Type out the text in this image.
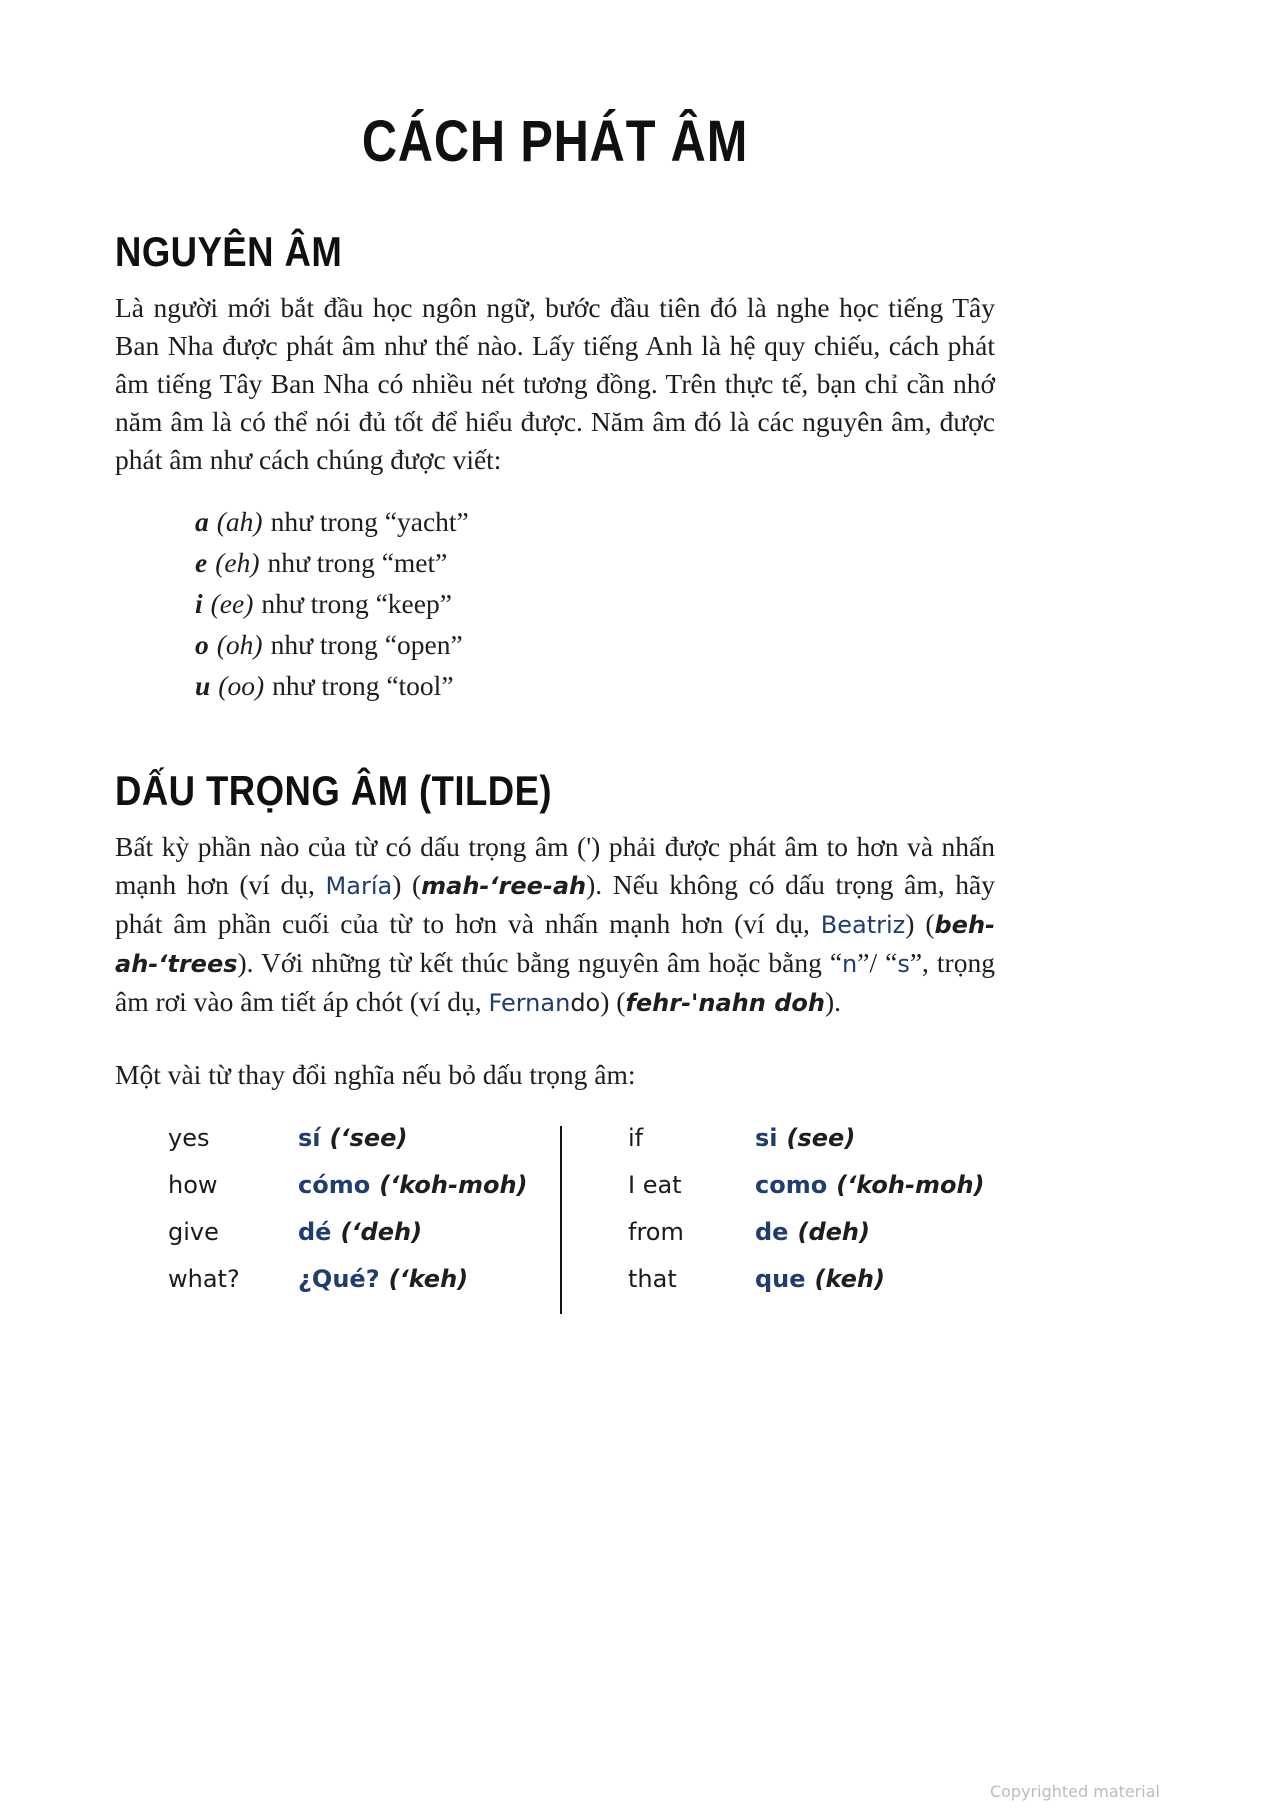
CÁCH PHÁT ÂM
NGUYÊN ÂM

Là người mới bắt đầu học ngôn ngữ, bước đầu tiên đó là nghe học tiếng Tây Ban Nha được phát âm như thế nào. Lấy tiếng Anh là hệ quy chiếu, cách phát âm tiếng Tây Ban Nha có nhiều nét tương đồng. Trên thực tế, bạn chỉ cần nhớ năm âm là có thể nói đủ tốt để hiểu được. Năm âm đó là các nguyên âm, được phát âm như cách chúng được viết:

a (ah) như trong “yacht”
e (eh) như trong “met”
i (ee) như trong “keep”
o (oh) như trong “open”
u (oo) như trong “tool”
DẤU TRỌNG ÂM (TILDE)

Bất kỳ phần nào của từ có dấu trọng âm (') phải được phát âm to hơn và nhấn mạnh hơn (ví dụ, María) (mah-‘ree-ah). Nếu không có dấu trọng âm, hãy phát âm phần cuối của từ to hơn và nhấn mạnh hơn (ví dụ, Beatriz) (beh-ah-‘trees). Với những từ kết thúc bằng nguyên âm hoặc bằng “n”/ “s”, trọng âm rơi vào âm tiết áp chót (ví dụ, Fernando) (fehr-'nahn doh).

Một vài từ thay đổi nghĩa nếu bỏ dấu trọng âm:

yes	sí (‘see)
how	cómo (‘koh-moh)
give	dé (‘deh)
what?	¿Qué? (‘keh)
if	si (see)
I eat	como (‘koh-moh)
from	de (deh)
that	que (keh)
Copyrighted material
